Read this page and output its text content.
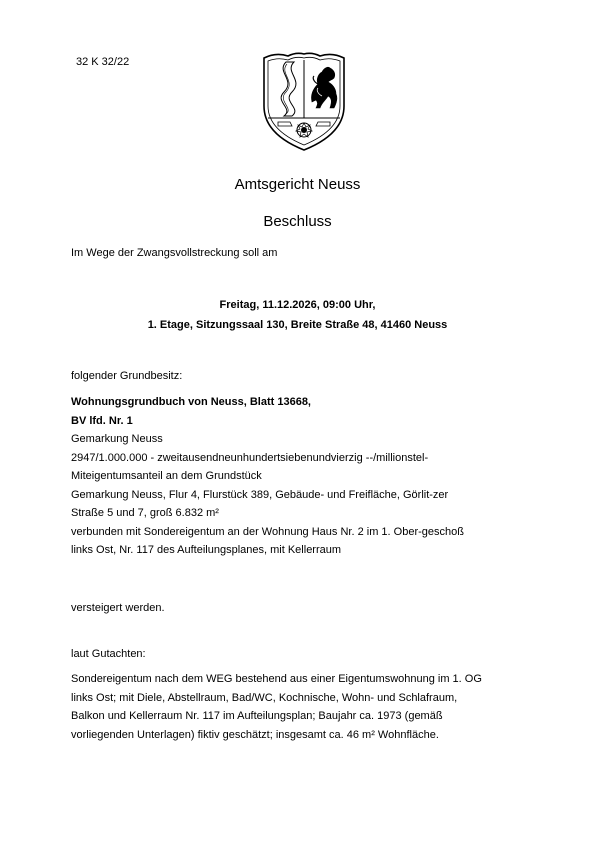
32 K 32/22
Amtsgericht Neuss
Beschluss
Im Wege der Zwangsvollstreckung soll am
Freitag, 11.12.2026, 09:00 Uhr,
1. Etage, Sitzungssaal 130, Breite Straße 48, 41460 Neuss
folgender Grundbesitz:
Wohnungsgrundbuch von Neuss, Blatt 13668,
BV lfd. Nr. 1
Gemarkung Neuss
2947/1.000.000 - zweitausendneunhundertsiebenundvierzig --/millionstel-
Miteigentumsanteil an dem Grundstück
Gemarkung Neuss, Flur 4, Flurstück 389, Gebäude- und Freifläche, Görlit-zer
Straße 5 und 7, groß 6.832 m²
verbunden mit Sondereigentum an der Wohnung Haus Nr. 2 im 1. Ober-geschoß
links Ost, Nr. 117 des Aufteilungsplanes, mit Kellerraum
versteigert werden.
laut Gutachten:
Sondereigentum nach dem WEG bestehend aus einer Eigentumswohnung im 1. OG
links Ost; mit Diele, Abstellraum, Bad/WC, Kochnische, Wohn- und Schlafraum,
Balkon und Kellerraum Nr. 117 im Aufteilungsplan; Baujahr ca. 1973 (gemäß
vorliegenden Unterlagen) fiktiv geschätzt; insgesamt ca. 46 m² Wohnfläche.
